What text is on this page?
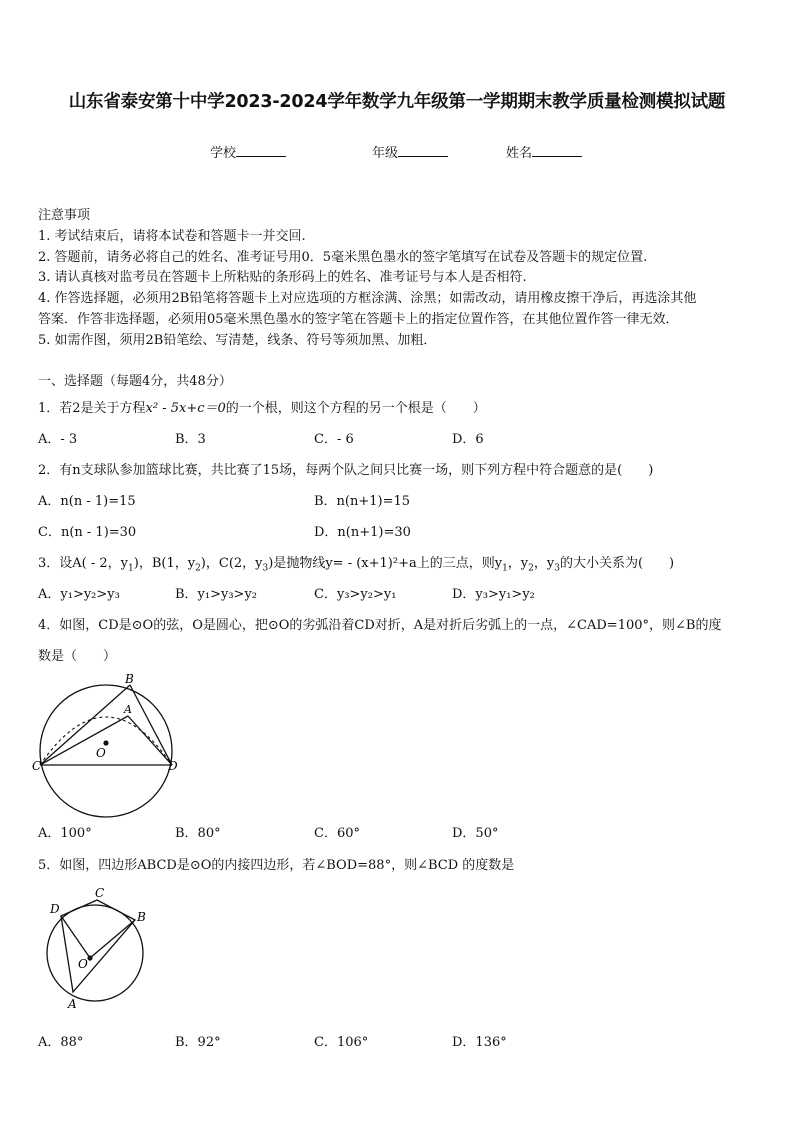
山东省泰安第十中学2023-2024学年数学九年级第一学期期末教学质量检测模拟试题
学校	年级	姓名
注意事项
1. 考试结束后，请将本试卷和答题卡一并交回.
2. 答题前，请务必将自己的姓名、准考证号用0．5毫米黑色墨水的签字笔填写在试卷及答题卡的规定位置.
3. 请认真核对监考员在答题卡上所粘贴的条形码上的姓名、准考证号与本人是否相符.
4. 作答选择题，必须用2B铅笔将答题卡上对应选项的方框涂满、涂黑；如需改动，请用橡皮擦干净后，再选涂其他
答案．作答非选择题，必须用05毫米黑色墨水的签字笔在答题卡上的指定位置作答，在其他位置作答一律无效．
5. 如需作图，须用2B铅笔绘、写清楚，线条、符号等须加黑、加粗．
一、选择题（每题4分，共48分）
1．若2是关于方程x² - 5x+c＝0的一个根，则这个方程的另一个根是（　　）
A．- 3	B．3	C．- 6	D．6
2．有n支球队参加篮球比赛，共比赛了15场，每两个队之间只比赛一场，则下列方程中符合题意的是(　　)
A．n(n - 1)=15	B．n(n+1)=15
C．n(n - 1)=30	D．n(n+1)=30
3．设A( - 2，$y_1$)，B(1，$y_2$)，C(2，$y_3$)是抛物线y= - (x+1)²+a上的三点，则$y_1$，$y_2$，$y_3$的大小关系为(　　)
A．y₁>y₂>y₃	B．y₁>y₃>y₂	C．y₃>y₂>y₁	D．y₃>y₁>y₂
4．如图，CD是⊙O的弦，O是圆心，把⊙O的劣弧沿着CD对折，A是对折后劣弧上的一点，∠CAD=100°，则∠B的度
数是（　　）
B
A
O
C	D
A．100°	B．80°	C．60°	D．50°
5．如图，四边形ABCD是⊙O的内接四边形，若∠BOD=88°，则∠BCD 的度数是
C
D
B
O
A
A．88°	B．92°	C．106°	D．136°
